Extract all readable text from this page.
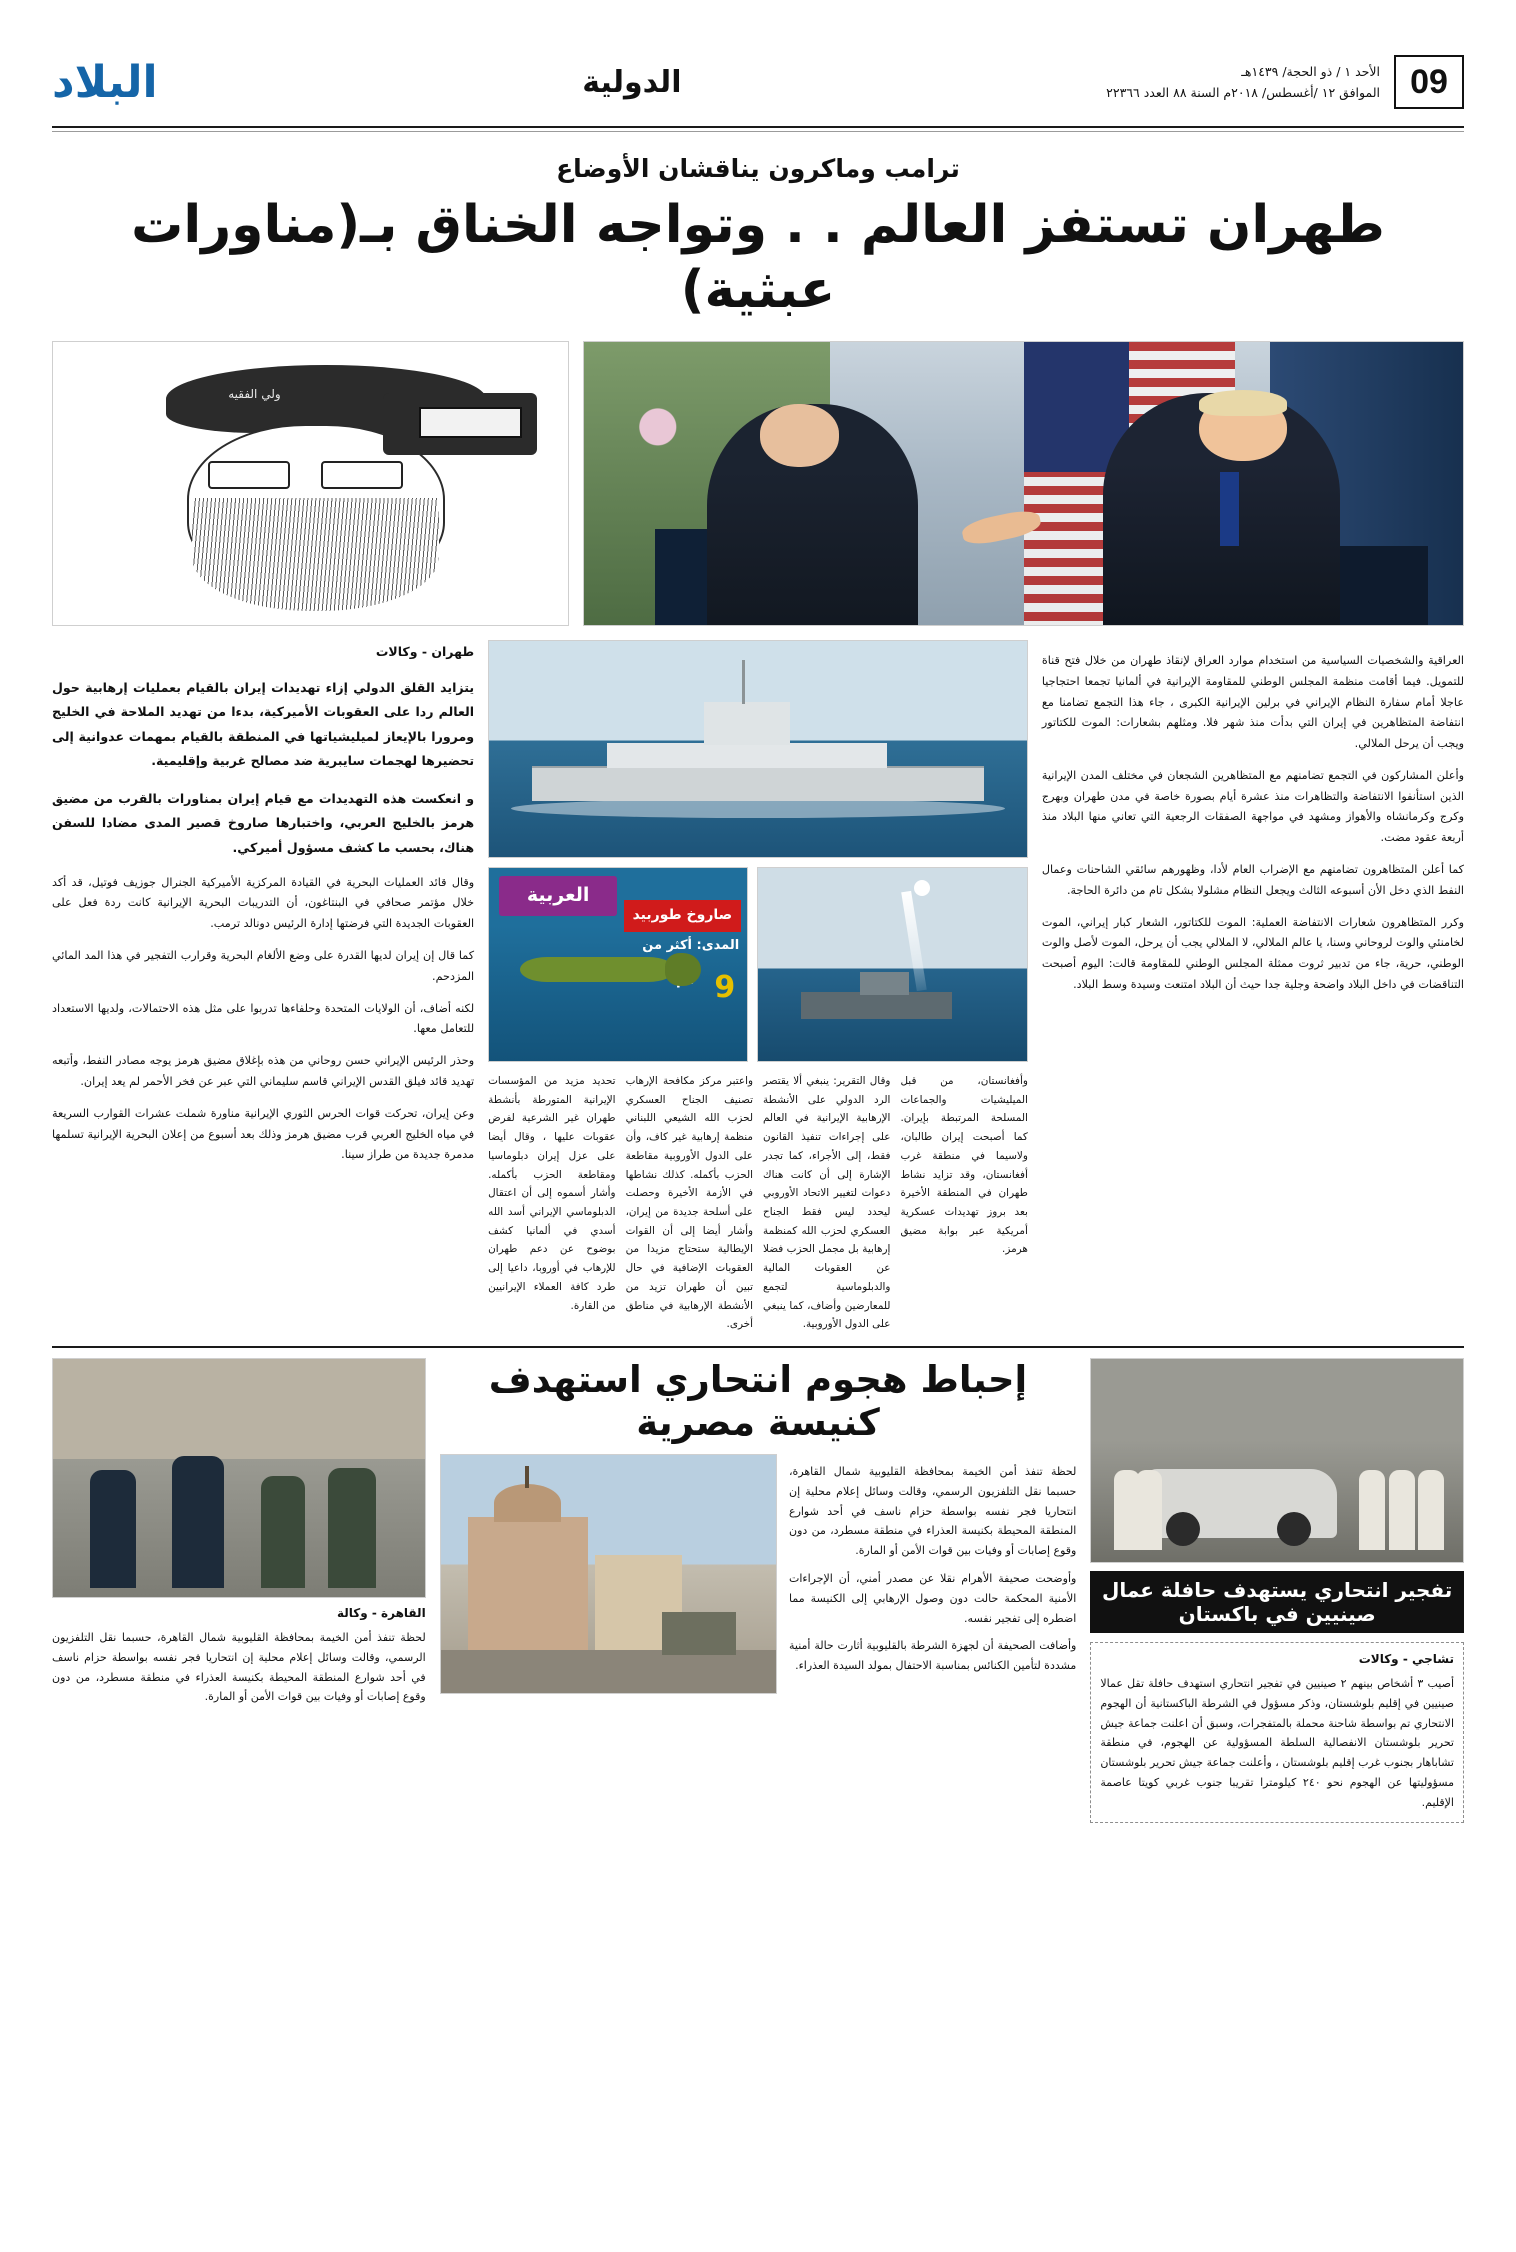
09
الأحد ١ / ذو الحجة/ ١٤٣٩هـ
الموافق ١٢ /أغسطس/ ٢٠١٨م السنة ٨٨ العدد ٢٢٣٦٦
الدولية
البلاد
ترامب وماكرون يناقشان الأوضاع
طهران تستفز العالم . . وتواجه الخناق بـ(مناورات عبثية)
ولي الفقيه

العراقية والشخصيات السياسية من استخدام موارد العراق لإنقاذ طهران من خلال فتح قناة للتمويل. فيما أقامت منظمة المجلس الوطني للمقاومة الإيرانية في ألمانيا تجمعا احتجاجيا عاجلا أمام سفارة النظام الإيراني في برلين الإيرانية الكبرى ، جاء هذا التجمع تضامنا مع انتفاضة المتظاهرين في إيران التي بدأت منذ شهر فلا. ومثلهم بشعارات: الموت للكتاتور ويجب أن يرحل الملالي.

وأعلن المشاركون في التجمع تضامنهم مع المتظاهرين الشجعان في مختلف المدن الإيرانية الذين استأنفوا الانتفاضة والتظاهرات منذ عشرة أيام بصورة خاصة في مدن طهران وبهرج وكرج وكرمانشاه والأهواز ومشهد في مواجهة الصفقات الرجعية التي تعاني منها البلاد منذ أربعة عقود مضت.

كما أعلن المتظاهرون تضامنهم مع الإضراب العام لأدا، وظهورهم سائقي الشاحنات وعمال النفط الذي دخل الأن أسبوعه الثالث ويجعل النظام مشلولا بشكل تام من دائرة الحاجة.

وكرر المتظاهرون شعارات الانتفاضة العملية: الموت للكتاتور، الشعار كبار إيراني، الموت لخامنئي والوت لروحاني وسنا، يا عالم الملالي، لا الملالي يجب أن يرحل، الموت لأصل والوت الوطني، حرية، جاء من تدبير ثروت ممثلة المجلس الوطني للمقاومة قالت: اليوم أصبحت التناقضات في داخل البلاد واضحة وجلية جدا حيث أن البلاد امتنعت وسيدة وسط البلاد.

العربية
صاروخ طوربيد
المدى: أكثر من
9
وأفغانستان، من قبل الميليشيات والجماعات المسلحة المرتبطة بإيران. كما أصبحت إيران طالبان، ولاسيما في منطقة غرب أفغانستان، وقد تزايد نشاط طهران في المنطقة الأخيرة بعد بروز تهديدات عسكرية أمريكية عبر بوابة مضيق هرمز.
وقال التقرير: ينبغي ألا يقتصر الرد الدولي على الأنشطة الإرهابية الإيرانية في العالم على إجراءات تنفيذ القانون فقط، إلى الأجراء، كما تجدر الإشارة إلى أن كانت هناك دعوات لتغيير الاتحاد الأوروبي ليحدد ليس فقط الجناح العسكري لحزب الله كمنظمة إرهابية بل مجمل الحزب فضلا عن العقوبات المالية والدبلوماسية لتجمع للمعارضين وأضاف، كما ينبغي على الدول الأوروبية.
واعتبر مركز مكافحة الإرهاب تصنيف الجناح العسكري لحزب الله الشيعي اللبناني منظمة إرهابية غير كاف، وأن على الدول الأوروبية مقاطعة الحزب بأكمله. كذلك نشاطها في الأزمة الأخيرة وحصلت على أسلحة جديدة من إيران، وأشار أيضا إلى أن القوات الإيطالية ستحتاج مزيدا من العقوبات الإضافية في حال تبين أن طهران تزيد من الأنشطة الإرهابية في مناطق أخرى.
تحديد مزيد من المؤسسات الإيرانية المتورطة بأنشطة طهران غير الشرعية لفرض عقوبات عليها ، وقال أيضا على عزل إيران دبلوماسيا ومقاطعة الحزب بأكمله. وأشار أسموه إلى أن اعتقال الدبلوماسي الإيراني أسد الله أسدي في ألمانيا كشف بوضوح عن دعم طهران للإرهاب في أوروبا، داعيا إلى طرد كافة العملاء الإيرانيين من القارة.
طهران - وكالات

يتزايد القلق الدولي إزاء تهديدات إيران بالقيام بعمليات إرهابية حول العالم ردا على العقوبات الأميركية، بدءا من تهديد الملاحة في الخليج ومرورا بالإيعاز لميليشياتها في المنطقة بالقيام بمهمات عدوانية إلى تحضيرها لهجمات سايبرية ضد مصالح غربية وإقليمية.

و انعكست هذه التهديدات مع قيام إيران بمناورات بالقرب من مضيق هرمز بالخليج العربي، واختبارها صاروخ قصير المدى مضادا للسفن هناك، بحسب ما كشف مسؤول أميركي.

وقال قائد العمليات البحرية في القيادة المركزية الأميركية الجنرال جوزيف فوتيل، قد أكد خلال مؤتمر صحافي في البنتاغون، أن التدريبات البحرية الإيرانية كانت ردة فعل على العقوبات الجديدة التي فرضتها إدارة الرئيس دونالد ترمب.

كما قال إن إيران لديها القدرة على وضع الألغام البحرية وقرارب التفجير في هذا المد المائي المزدحم.

لكنه أضاف، أن الولايات المتحدة وحلفاءها تدربوا على مثل هذه الاحتمالات، ولديها الاستعداد للتعامل معها.

وحذر الرئيس الإيراني حسن روحاني من هذه بإغلاق مضيق هرمز يوجه مصادر النفط، وأتبعه تهديد قائد فيلق القدس الإيراني قاسم سليماني التي عبر عن فخر الأحمر لم يعد إيران.

وعن إيران، تحركت قوات الحرس الثوري الإيرانية مناورة شملت عشرات القوارب السريعة في مياه الخليج العربي قرب مضيق هرمز وذلك بعد أسبوع من إعلان البحرية الإيرانية تسلمها مدمرة جديدة من طراز سينا.

تفجير انتحاري يستهدف حافلة عمال صينيين في باكستان
تشاجي - وكالات
أصيب ٣ أشخاص بينهم ٢ صينيين في تفجير انتحاري استهدف حافلة تقل عمالا صينيين في إقليم بلوشستان، وذكر مسؤول في الشرطة الباكستانية أن الهجوم الانتحاري تم بواسطة شاحنة محملة بالمتفجرات، وسبق أن اعلنت جماعة جيش تحرير بلوشستان الانفصالية السلطة المسؤولية عن الهجوم، في منطقة تشاباهار بجنوب غرب إقليم بلوشستان ، وأعلنت جماعة جيش تحرير بلوشستان مسؤوليتها عن الهجوم نحو ٢٤٠ كيلومترا تقريبا جنوب غربي كويتا عاصمة الإقليم.
إحباط هجوم انتحاري استهدف كنيسة مصرية
لحظة تنفذ أمن الخيمة بمحافظة القليوبية شمال القاهرة، حسبما نقل التلفزيون الرسمي، وقالت وسائل إعلام محلية إن انتحاريا فجر نفسه بواسطة حزام ناسف في أحد شوارع المنطقة المحيطة بكنيسة العذراء في منطقة مسطرد، من دون وقوع إصابات أو وفيات بين قوات الأمن أو المارة.
وأوضحت صحيفة الأهرام نقلا عن مصدر أمني، أن الإجراءات الأمنية المحكمة حالت دون وصول الإرهابي إلى الكنيسة مما اضطره إلى تفجير نفسه.
وأضافت الصحيفة أن لجهزة الشرطة بالقليوبية أثارت حالة أمنية مشددة لتأمين الكنائس بمناسبة الاحتفال بمولد السيدة العذراء.
القاهرة - وكالة
لحظة تنفذ أمن الخيمة بمحافظة القليوبية شمال القاهرة، حسبما نقل التلفزيون الرسمي، وقالت وسائل إعلام محلية إن انتحاريا فجر نفسه بواسطة حزام ناسف في أحد شوارع المنطقة المحيطة بكنيسة العذراء في منطقة مسطرد، من دون وقوع إصابات أو وفيات بين قوات الأمن أو المارة.
